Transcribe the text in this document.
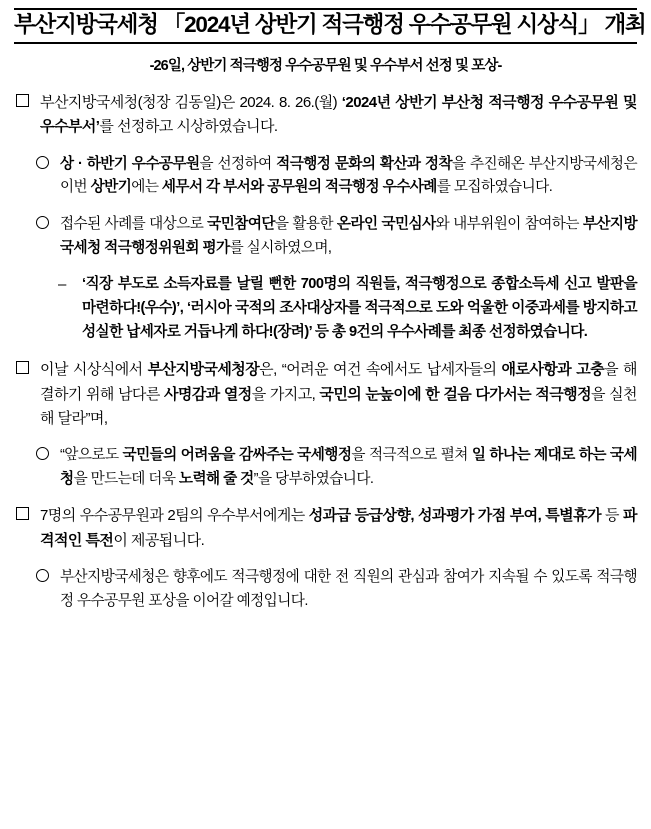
부산지방국세청 「2024년 상반기 적극행정 우수공무원 시상식」 개최
-26일, 상반기 적극행정 우수공무원 및 우수부서 선정 및 포상-
부산지방국세청(청장 김동일)은 2024. 8. 26.(월) ‘2024년 상반기 부산청 적극행정 우수공무원 및 우수부서’를 선정하고 시상하였습니다.
상 · 하반기 우수공무원을 선정하여 적극행정 문화의 확산과 정착을 추진해온 부산지방국세청은 이번 상반기에는 세무서 각 부서와 공무원의 적극행정 우수사례를 모집하였습니다.
접수된 사례를 대상으로 국민참여단을 활용한 온라인 국민심사와 내부위원이 참여하는 부산지방국세청 적극행정위원회 평가를 실시하였으며,
–	‘직장 부도로 소득자료를 날릴 뻔한 700명의 직원들, 적극행정으로 종합소득세 신고 발판을 마련하다!(우수)’, ‘러시아 국적의 조사대상자를 적극적으로 도와 억울한 이중과세를 방지하고 성실한 납세자로 거듭나게 하다!(장려)’ 등 총 9건의 우수사례를 최종 선정하였습니다.
이날 시상식에서 부산지방국세청장은, “어려운 여건 속에서도 납세자들의 애로사항과 고충을 해결하기 위해 남다른 사명감과 열정을 가지고, 국민의 눈높이에 한 걸음 다가서는 적극행정을 실천해 달라”며,
“앞으로도 국민들의 어려움을 감싸주는 국세행정을 적극적으로 펼쳐 일 하나는 제대로 하는 국세청을 만드는데 더욱 노력해 줄 것”을 당부하였습니다.
7명의 우수공무원과 2팀의 우수부서에게는 성과급 등급상향, 성과평가 가점 부여, 특별휴가 등 파격적인 특전이 제공됩니다.
부산지방국세청은 향후에도 적극행정에 대한 전 직원의 관심과 참여가 지속될 수 있도록 적극행정 우수공무원 포상을 이어갈 예정입니다.
